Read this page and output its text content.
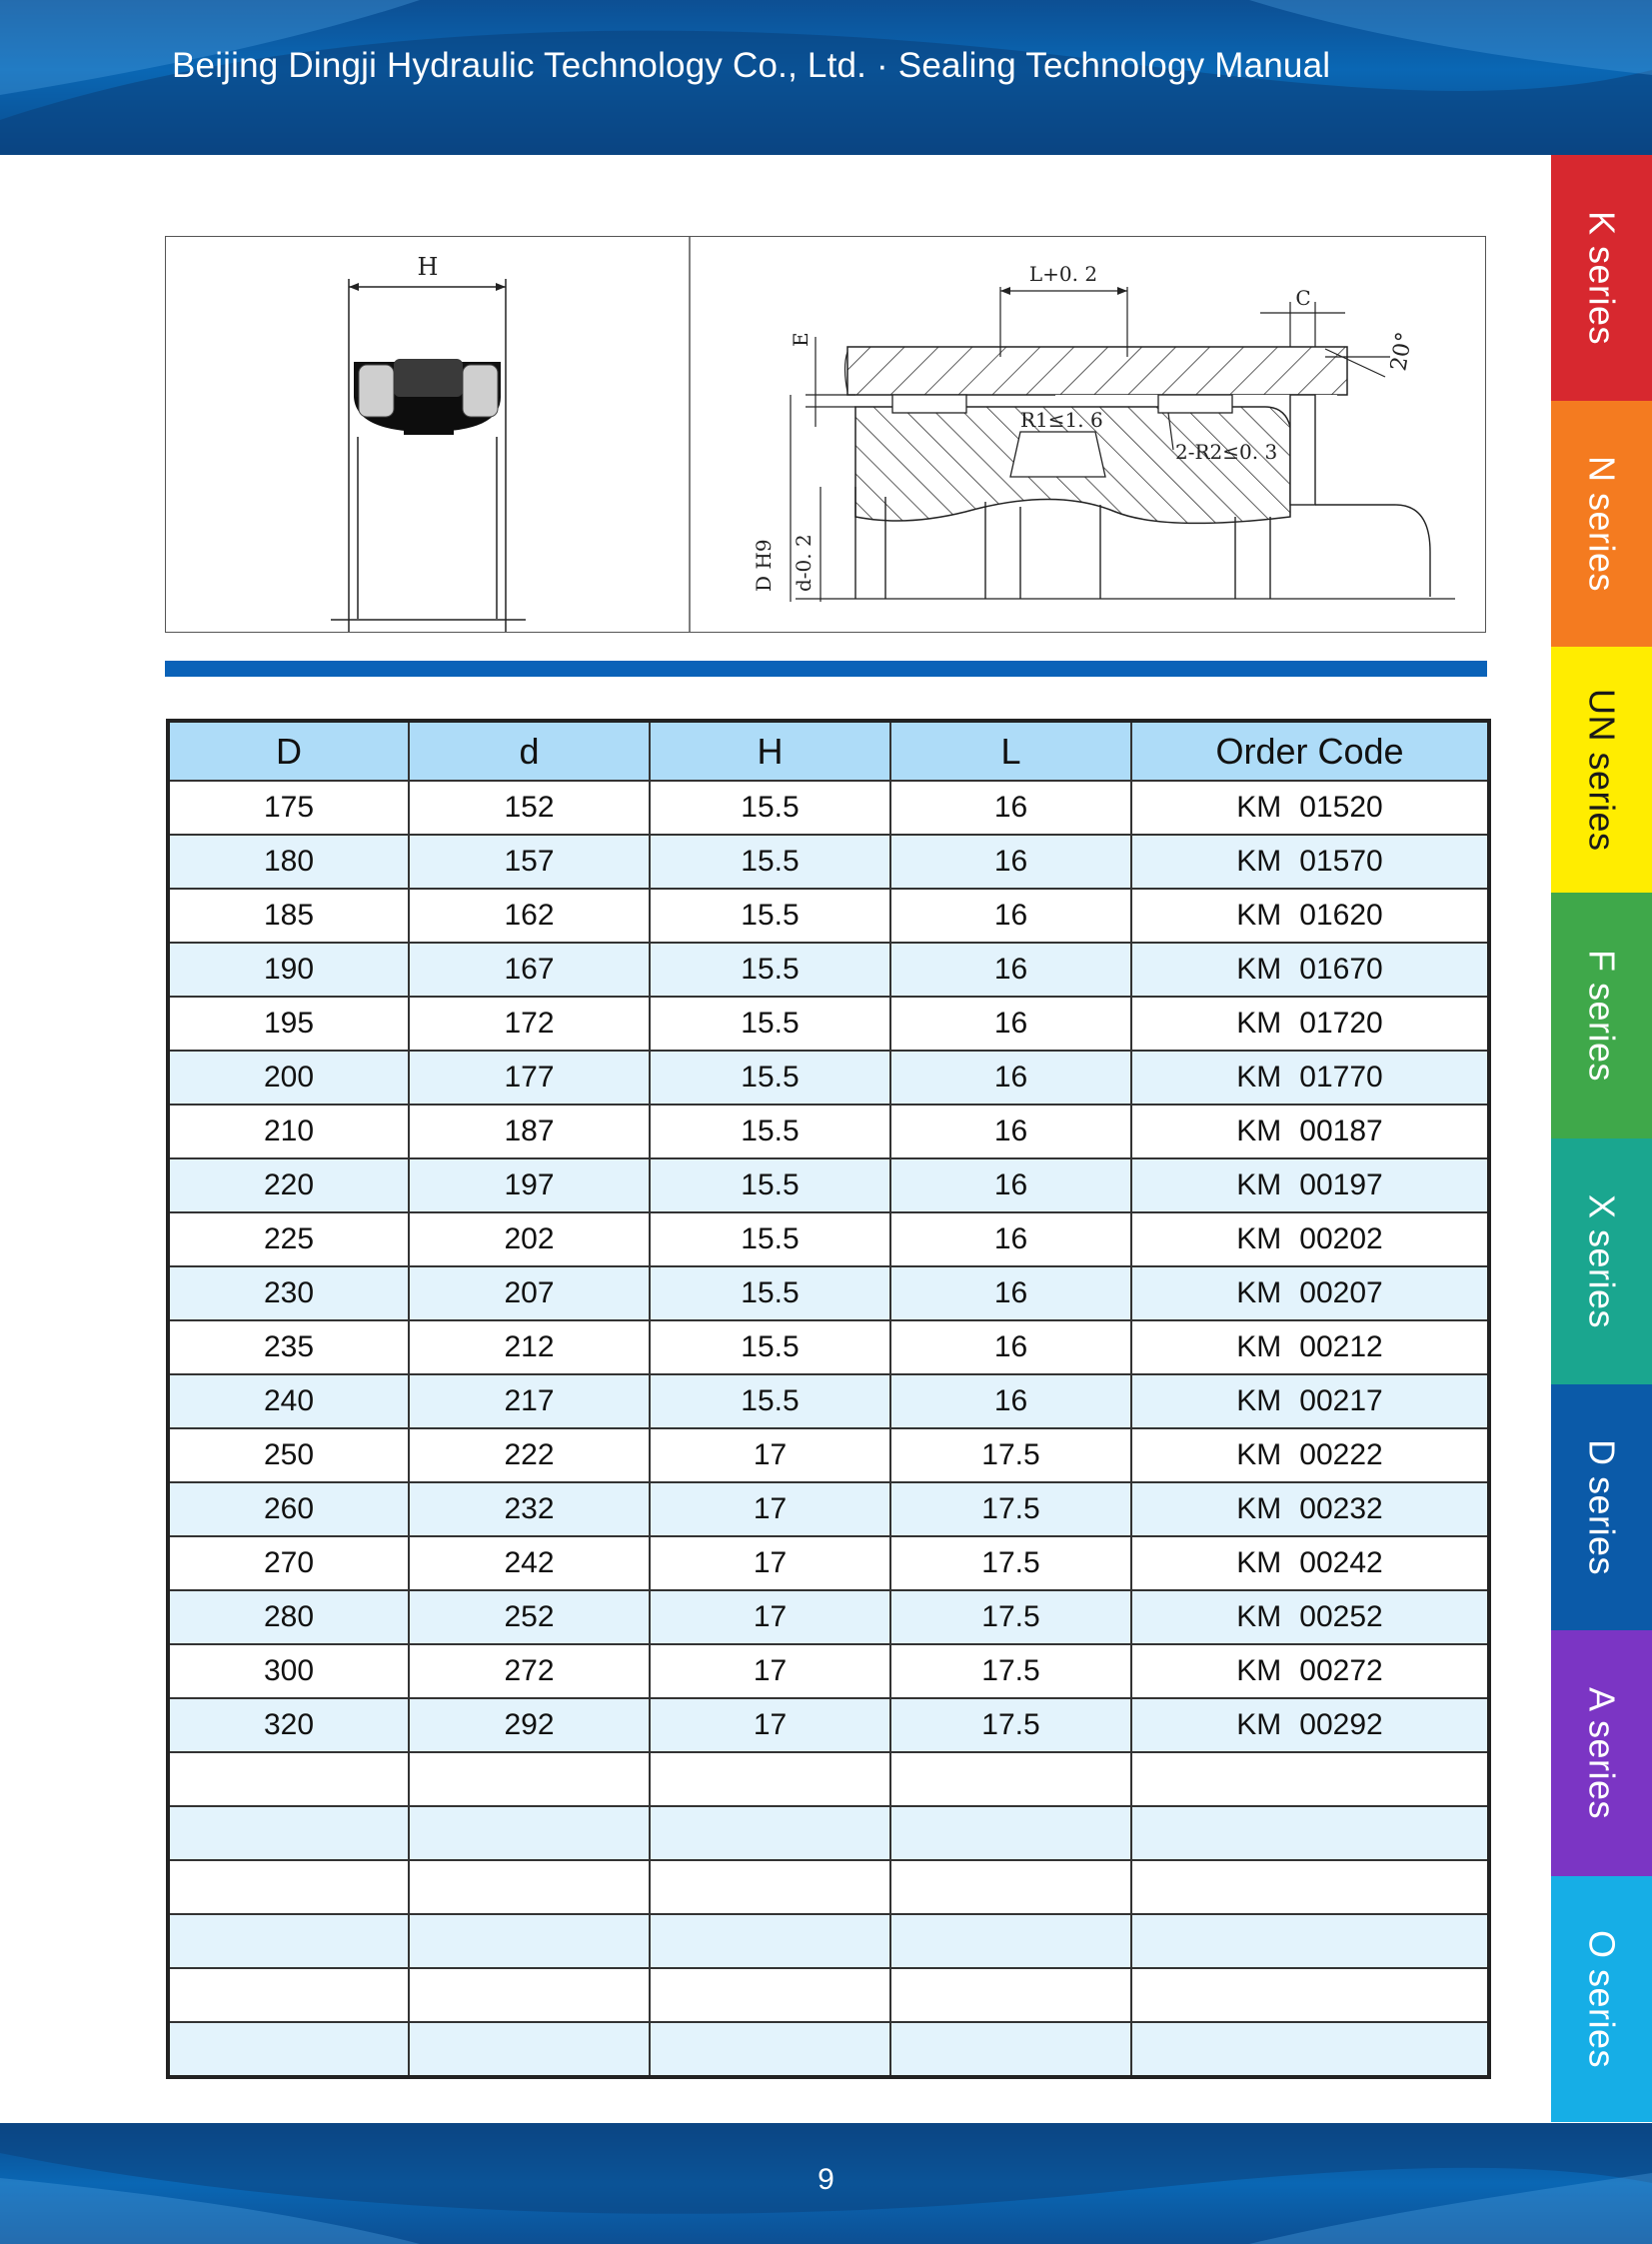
Beijing Dingji Hydraulic Technology Co., Ltd. · Sealing Technology Manual
H	L+0. 2
C
20°
E
D H9 d-0. 2
R1≤1. 6
2-R2≤0. 3
D	d	H	L	Order Code
175	152	15.5	16	KM 01520
180	157	15.5	16	KM 01570
185	162	15.5	16	KM 01620
190	167	15.5	16	KM 01670
195	172	15.5	16	KM 01720
200	177	15.5	16	KM 01770
210	187	15.5	16	KM 00187
220	197	15.5	16	KM 00197
225	202	15.5	16	KM 00202
230	207	15.5	16	KM 00207
235	212	15.5	16	KM 00212
240	217	15.5	16	KM 00217
250	222	17	17.5	KM 00222
260	232	17	17.5	KM 00232
270	242	17	17.5	KM 00242
280	252	17	17.5	KM 00252
300	272	17	17.5	KM 00272
320	292	17	17.5	KM 00292

K series
N series
UN series
F series
X series
D series
A series
O series
9
